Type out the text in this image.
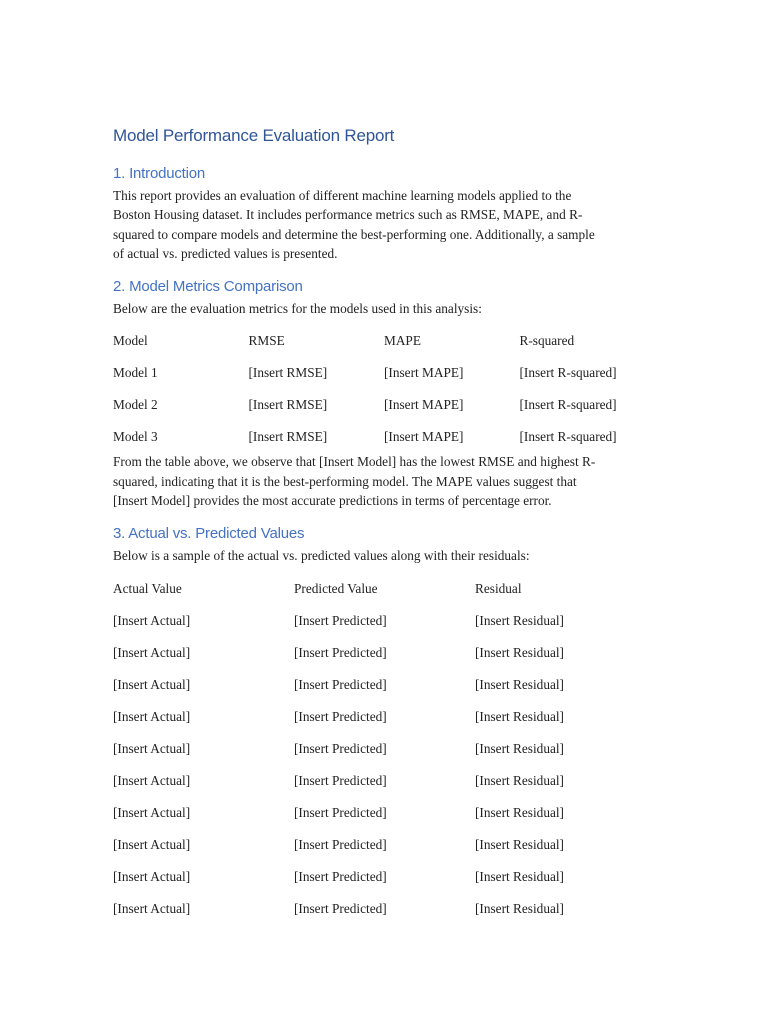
Model Performance Evaluation Report
1. Introduction

This report provides an evaluation of different machine learning models applied to the
Boston Housing dataset. It includes performance metrics such as RMSE, MAPE, and R-
squared to compare models and determine the best-performing one. Additionally, a sample
of actual vs. predicted values is presented.

2. Model Metrics Comparison

Below are the evaluation metrics for the models used in this analysis:

Model	RMSE	MAPE	R-squared
Model 1	[Insert RMSE]	[Insert MAPE]	[Insert R-squared]
Model 2	[Insert RMSE]	[Insert MAPE]	[Insert R-squared]
Model 3	[Insert RMSE]	[Insert MAPE]	[Insert R-squared]

From the table above, we observe that [Insert Model] has the lowest RMSE and highest R-
squared, indicating that it is the best-performing model. The MAPE values suggest that
[Insert Model] provides the most accurate predictions in terms of percentage error.

3. Actual vs. Predicted Values

Below is a sample of the actual vs. predicted values along with their residuals:

Actual Value	Predicted Value	Residual
[Insert Actual]	[Insert Predicted]	[Insert Residual]
[Insert Actual]	[Insert Predicted]	[Insert Residual]
[Insert Actual]	[Insert Predicted]	[Insert Residual]
[Insert Actual]	[Insert Predicted]	[Insert Residual]
[Insert Actual]	[Insert Predicted]	[Insert Residual]
[Insert Actual]	[Insert Predicted]	[Insert Residual]
[Insert Actual]	[Insert Predicted]	[Insert Residual]
[Insert Actual]	[Insert Predicted]	[Insert Residual]
[Insert Actual]	[Insert Predicted]	[Insert Residual]
[Insert Actual]	[Insert Predicted]	[Insert Residual]
